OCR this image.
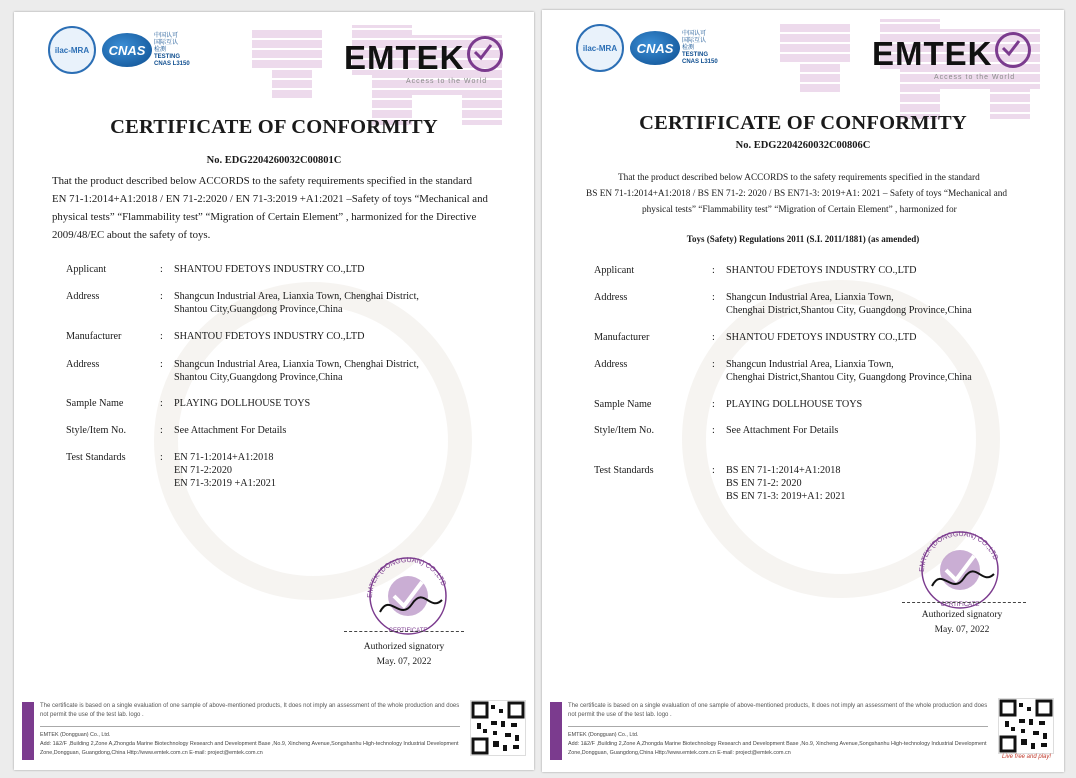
ilac-MRA	CNAS
中国认可
国际互认
检测
TESTING
CNAS L3150	EMTEK
Access to the World
CERTIFICATE OF CONFORMITY
No. EDG2204260032C00801C
That the product described below ACCORDS to the safety requirements specified in the standard
EN 71-1:2014+A1:2018 / EN 71-2:2020 / EN 71-3:2019 +A1:2021 –Safety of toys “Mechanical and
physical tests” “Flammability test” “Migration of Certain Element” , harmonized for the Directive
2009/48/EC about the safety of toys.
Applicant	: SHANTOU FDETOYS INDUSTRY CO.,LTD
Address	: Shangcun Industrial Area, Lianxia Town, Chenghai District,
Shantou City,Guangdong Province,China
Manufacturer	: SHANTOU FDETOYS INDUSTRY CO.,LTD
Address	: Shangcun Industrial Area, Lianxia Town, Chenghai District,
Shantou City,Guangdong Province,China
Sample Name	: PLAYING DOLLHOUSE TOYS
Style/Item No.	: See Attachment For Details
Test Standards	: EN 71-1:2014+A1:2018
EN 71-2:2020
EN 71-3:2019 +A1:2021
EMTEK (DONGGUAN) CO.,LTD
CERTIFICATE
Authorized signatory
May. 07, 2022
The certificate is based on a single evaluation of one sample of above-mentioned products, It does not imply an assessment of the whole production and does not permit the use of the test lab. logo .
EMTEK (Dongguan) Co., Ltd.
Add: 1&2/F ,Building 2,Zone A,Zhongda Marine Biotechnology Research and Development Base ,No.9, Xincheng Avenue,Songshanhu High-technology Industrial Development Zone,Dongguan, Guangdong,China Http://www.emtek.com.cn E-mail: project@emtek.com.cn
ilac-MRA	CNAS
中国认可
国际互认
检测
TESTING
CNAS L3150	EMTEK
Access to the World
CERTIFICATE OF CONFORMITY
No. EDG2204260032C00806C
That the product described below ACCORDS to the safety requirements specified in the standard
BS EN 71-1:2014+A1:2018 / BS EN 71-2: 2020 / BS EN71-3: 2019+A1: 2021 – Safety of toys “Mechanical and
physical tests” “Flammability test” “Migration of Certain Element” , harmonized for
Toys (Safety) Regulations 2011 (S.I. 2011/1881) (as amended)
Applicant	: SHANTOU FDETOYS INDUSTRY CO.,LTD
Address	: Shangcun Industrial Area, Lianxia Town,
Chenghai District,Shantou City, Guangdong Province,China
Manufacturer	: SHANTOU FDETOYS INDUSTRY CO.,LTD
Address	: Shangcun Industrial Area, Lianxia Town,
Chenghai District,Shantou City, Guangdong Province,China
Sample Name	: PLAYING DOLLHOUSE TOYS
Style/Item No.	: See Attachment For Details
Test Standards	: BS EN 71-1:2014+A1:2018
BS EN 71-2: 2020
BS EN 71-3: 2019+A1: 2021
EMTEK (DONGGUAN) CO.,LTD
CERTIFICATE
Authorized signatory
May. 07, 2022
The certificate is based on a single evaluation of one sample of above-mentioned products, It does not imply an assessment of the whole production and does not permit the use of the test lab. logo .
EMTEK (Dongguan) Co., Ltd.
Add: 1&2/F ,Building 2,Zone A,Zhongda Marine Biotechnology Research and Development Base ,No.9, Xincheng Avenue,Songshanhu High-technology Industrial Development Zone,Dongguan, Guangdong,China Http://www.emtek.com.cn E-mail: project@emtek.com.cn
Live free and play!
